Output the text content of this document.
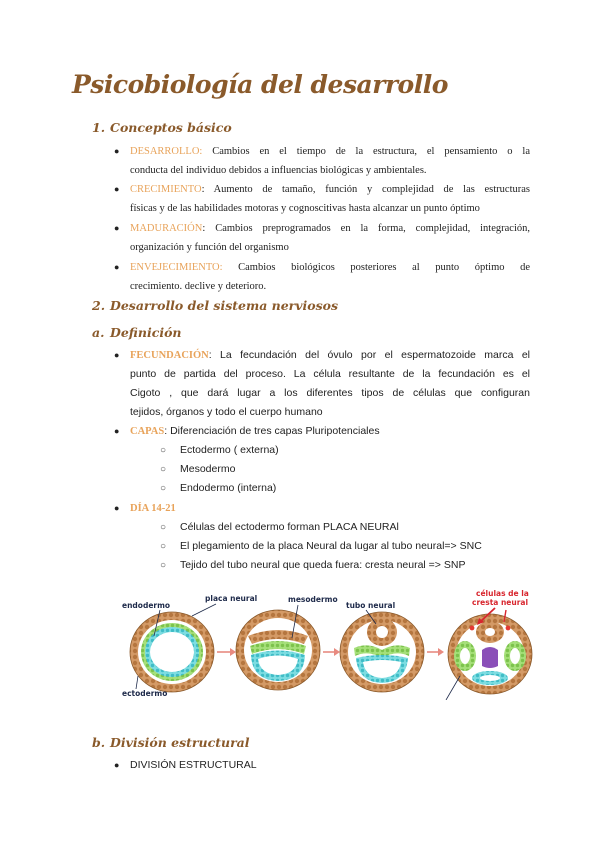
Psicobiología del desarrollo
1. Conceptos básico
● DESARROLLO: Cambios en el tiempo de la estructura, el pensamiento o la
conducta del individuo debidos a influencias biológicas y ambientales.
● CRECIMIENTO: Aumento de tamaño, función y complejidad de las estructuras
físicas y de las habilidades motoras y cognoscitivas hasta alcanzar un punto óptimo
● MADURACIÓN: Cambios preprogramados en la forma, complejidad, integración,
organización y función del organismo
● ENVEJECIMIENTO: Cambios biológicos posteriores al punto óptimo de
crecimiento. declive y deterioro.
2. Desarrollo del sistema nerviosos
a. Definición
● FECUNDACIÓN: La fecundación del óvulo por el espermatozoide marca el
punto de partida del proceso. La célula resultante de la fecundación es el
Cigoto , que dará lugar a los diferentes tipos de células que configuran
tejidos, órganos y todo el cuerpo humano
● CAPAS: Diferenciación de tres capas Pluripotenciales
○ Ectodermo ( externa)
○ Mesodermo
○ Endodermo (interna)
● DÍA 14-21
○ Células del ectodermo forman PLACA NEURAl
○ El plegamiento de la placa Neural da lugar al tubo neural=> SNC
○ Tejido del tubo neural que queda fuera: cresta neural => SNP
endodermo
placa neural	mesodermo
tubo neural
células de la
cresta neural
ectodermo
b. División estructural
● DIVISIÓN ESTRUCTURAL
